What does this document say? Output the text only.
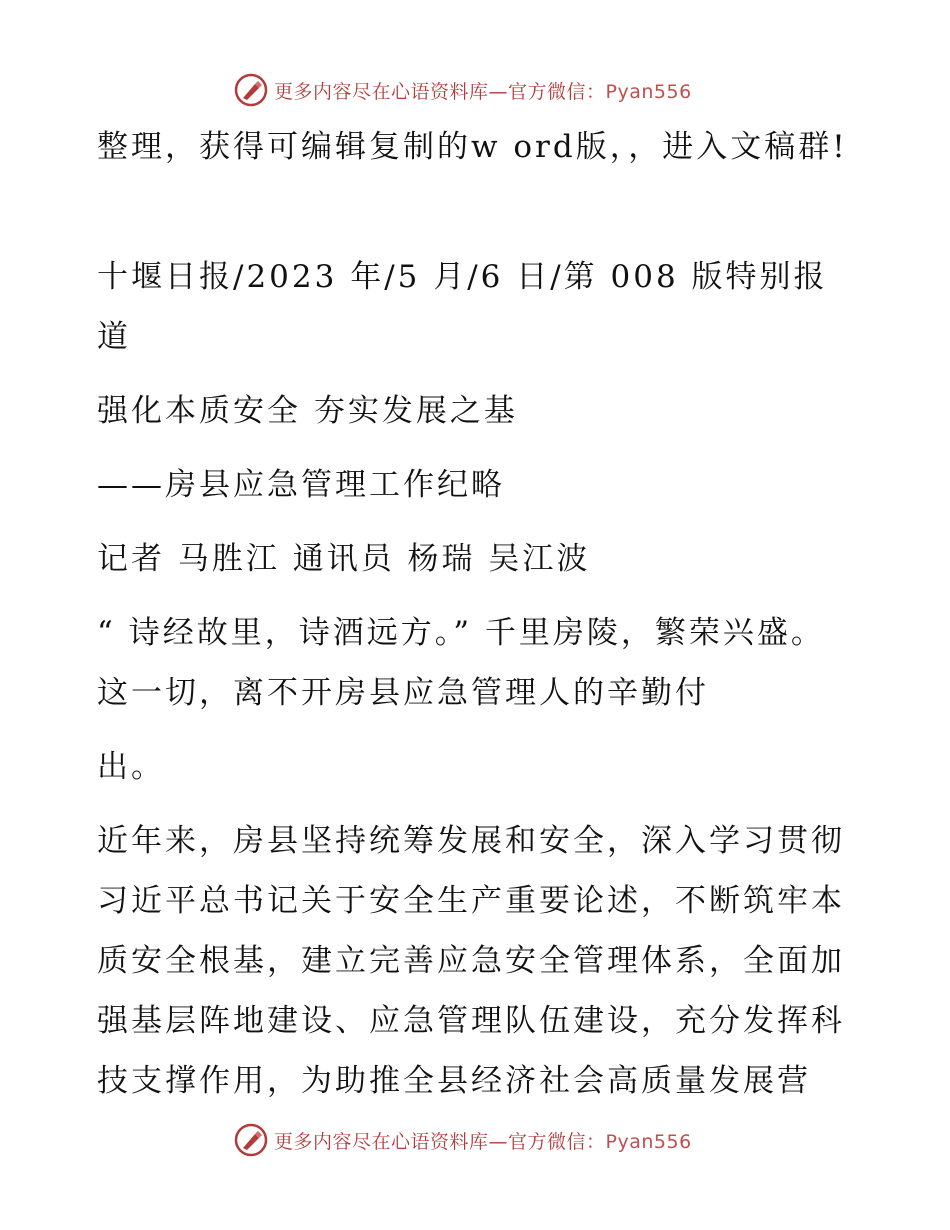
更多内容尽在心语资料库—官方微信：Pyan556

整理，获得可编辑复制的w ord版，，进入文稿群!

十堰日报/2023 年/5 月/6 日/第 008 版特别报道

强化本质安全 夯实发展之基

——房县应急管理工作纪略

记者 马胜江 通讯员 杨瑞 吴江波

“ 诗经故里，诗酒远方。” 千里房陵，繁荣兴盛。这一切，离不开房县应急管理人的辛勤付

出。

近年来，房县坚持统筹发展和安全，深入学习贯彻习近平总书记关于安全生产重要论述，不断筑牢本质安全根基，建立完善应急安全管理体系，全面加强基层阵地建设、应急管理队伍建设，充分发挥科技支撑作用，为助推全县经济社会高质量发展营

更多内容尽在心语资料库—官方微信：Pyan556
